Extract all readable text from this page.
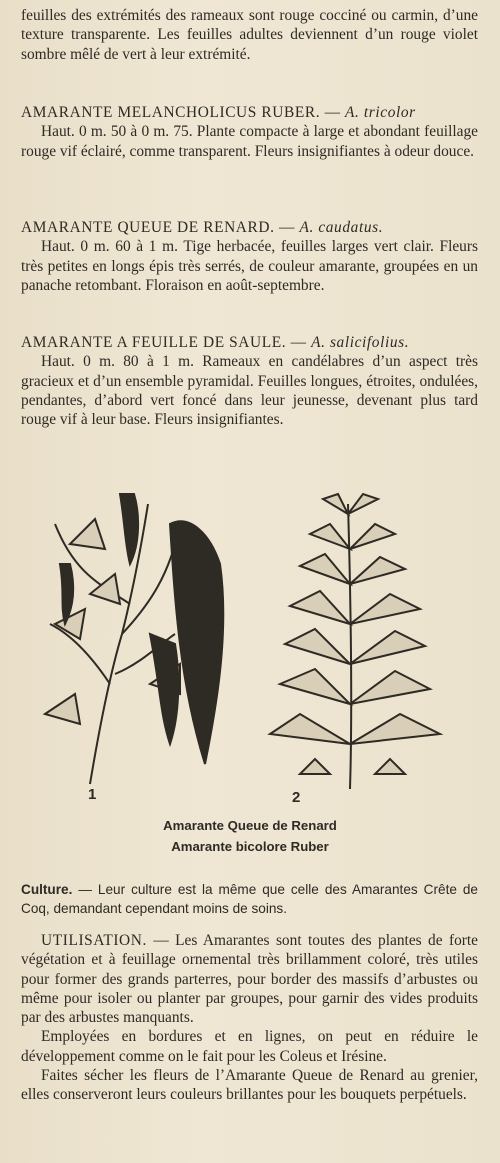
feuilles des extrémités des rameaux sont rouge cocciné ou carmin, d’une texture transparente. Les feuilles adultes deviennent d’un rouge violet sombre mêlé de vert à leur extrémité.

AMARANTE MELANCHOLICUS RUBER. — A. tricolor

Haut. 0 m. 50 à 0 m. 75. Plante compacte à large et abondant feuillage rouge vif éclairé, comme transparent. Fleurs insignifiantes à odeur douce.

AMARANTE QUEUE DE RENARD. — A. caudatus.

Haut. 0 m. 60 à 1 m. Tige herbacée, feuilles larges vert clair. Fleurs très petites en longs épis très serrés, de couleur amarante, groupées en un panache retombant. Floraison en août-septembre.

AMARANTE A FEUILLE DE SAULE. — A. salicifolius.

Haut. 0 m. 80 à 1 m. Rameaux en candélabres d’un aspect très gracieux et d’un ensemble pyramidal. Feuilles longues, étroites, ondulées, pendantes, d’abord vert foncé dans leur jeunesse, devenant plus tard rouge vif à leur base. Fleurs insignifiantes.

1	2
Amarante Queue de Renard
Amarante bicolore Ruber

Culture. — Leur culture est la même que celle des Amarantes Crête de Coq, demandant cependant moins de soins.

UTILISATION. — Les Amarantes sont toutes des plantes de forte végétation et à feuillage ornemental très brillamment coloré, très utiles pour former des grands parterres, pour border des massifs d’arbustes ou même pour isoler ou planter par groupes, pour garnir des vides produits par des arbustes manquants.

Employées en bordures et en lignes, on peut en réduire le développement comme on le fait pour les Coleus et Irésine.

Faites sécher les fleurs de l’Amarante Queue de Renard au grenier, elles conserveront leurs couleurs brillantes pour les bouquets perpétuels.
